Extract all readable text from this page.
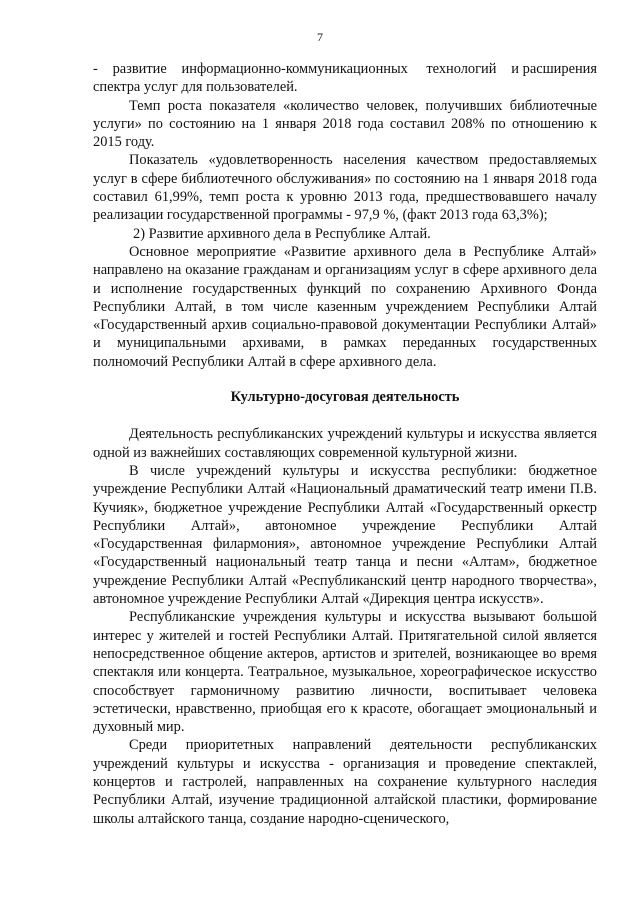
7

-    развитие    информационно-коммуникационных     технологий    и расширения спектра услуг для пользователей.

Темп роста показателя «количество человек, получивших библиотечные услуги» по состоянию на 1 января 2018 года составил 208% по отношению к 2015 году.

Показатель «удовлетворенность населения качеством предоставляемых услуг в сфере библиотечного обслуживания» по состоянию на 1 января 2018 года составил 61,99%, темп роста к уровню 2013 года, предшествовавшего началу реализации государственной программы - 97,9 %, (факт 2013 года 63,3%);

2) Развитие архивного дела в Республике Алтай.

Основное мероприятие «Развитие архивного дела в Республике Алтай» направлено на оказание гражданам и организациям услуг в сфере архивного дела и исполнение государственных функций по сохранению Архивного Фонда Республики Алтай, в том числе казенным учреждением Республики Алтай «Государственный архив социально-правовой документации Республики Алтай» и муниципальными архивами, в рамках переданных государственных полномочий Республики Алтай в сфере архивного дела.

Культурно-досуговая деятельность

Деятельность республиканских учреждений культуры и искусства является одной из важнейших составляющих современной культурной жизни.

В числе учреждений культуры и искусства республики: бюджетное учреждение Республики Алтай «Национальный драматический театр имени П.В. Кучияк», бюджетное учреждение Республики Алтай «Государственный оркестр Республики Алтай», автономное учреждение Республики Алтай «Государственная филармония», автономное учреждение Республики Алтай «Государственный национальный театр танца и песни «Алтам», бюджетное учреждение Республики Алтай «Республиканский центр народного творчества», автономное учреждение Республики Алтай «Дирекция центра искусств».

Республиканские учреждения культуры и искусства вызывают большой интерес у жителей и гостей Республики Алтай. Притягательной силой является непосредственное общение актеров, артистов и зрителей, возникающее во время спектакля или концерта. Театральное, музыкальное, хореографическое искусство способствует гармоничному развитию личности, воспитывает человека эстетически, нравственно, приобщая его к красоте, обогащает эмоциональный и духовный мир.

Среди приоритетных направлений деятельности республиканских учреждений культуры и искусства - организация и проведение спектаклей, концертов и гастролей, направленных на сохранение культурного наследия Республики Алтай, изучение традиционной алтайской пластики, формирование школы алтайского танца, создание народно-сценического,
